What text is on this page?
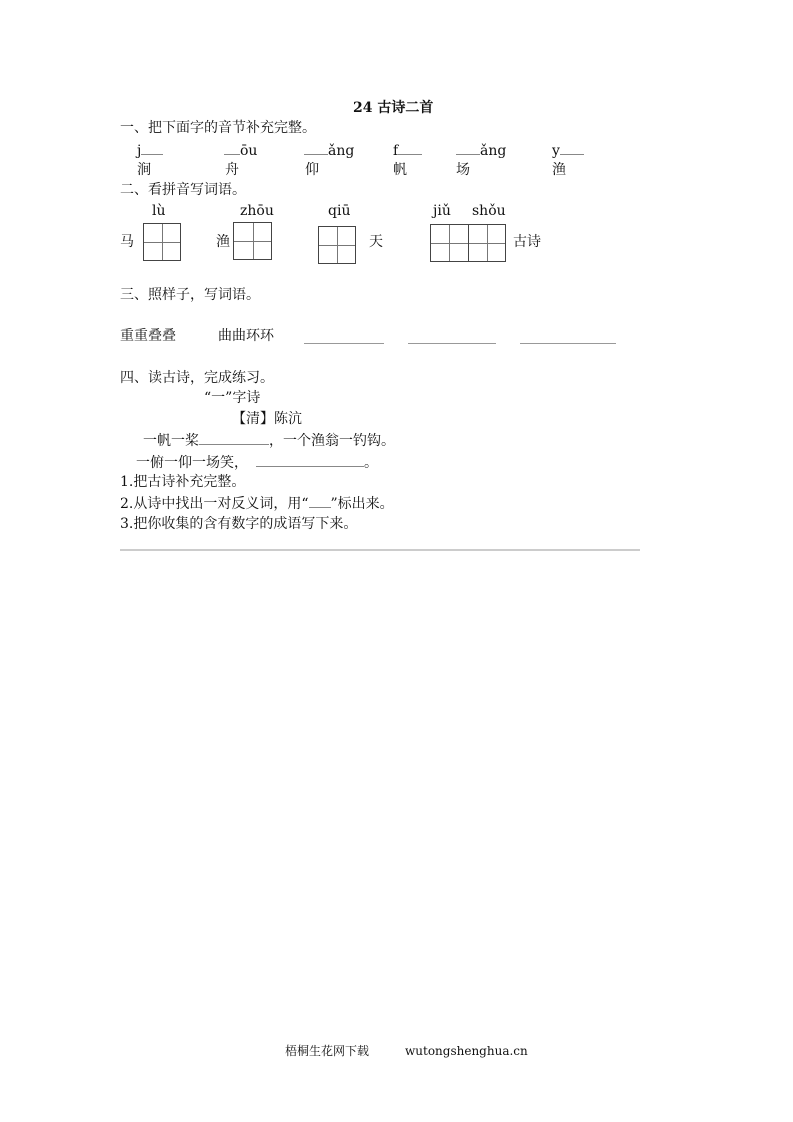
24 古诗二首
一、把下面字的音节补充完整。
j	ōu	ǎng	f	ǎng	y
涧	舟	仰	帆	场	渔
二、看拼音写词语。
lù	zhōu	qiū	jiǔ shǒu
马	渔	天	古诗
三、照样子，写词语。
重重叠叠	曲曲环环
四、读古诗，完成练习。
“一”字诗
【清】陈沆
一帆一桨	，一个渔翁一钓钩。
一俯一仰一场笑，	。
1.把古诗补充完整。
2.从诗中找出一对反义词，用“ ”标出来。
3.把你收集的含有数字的成语写下来。
梧桐生花网下载	wutongshenghua.cn
